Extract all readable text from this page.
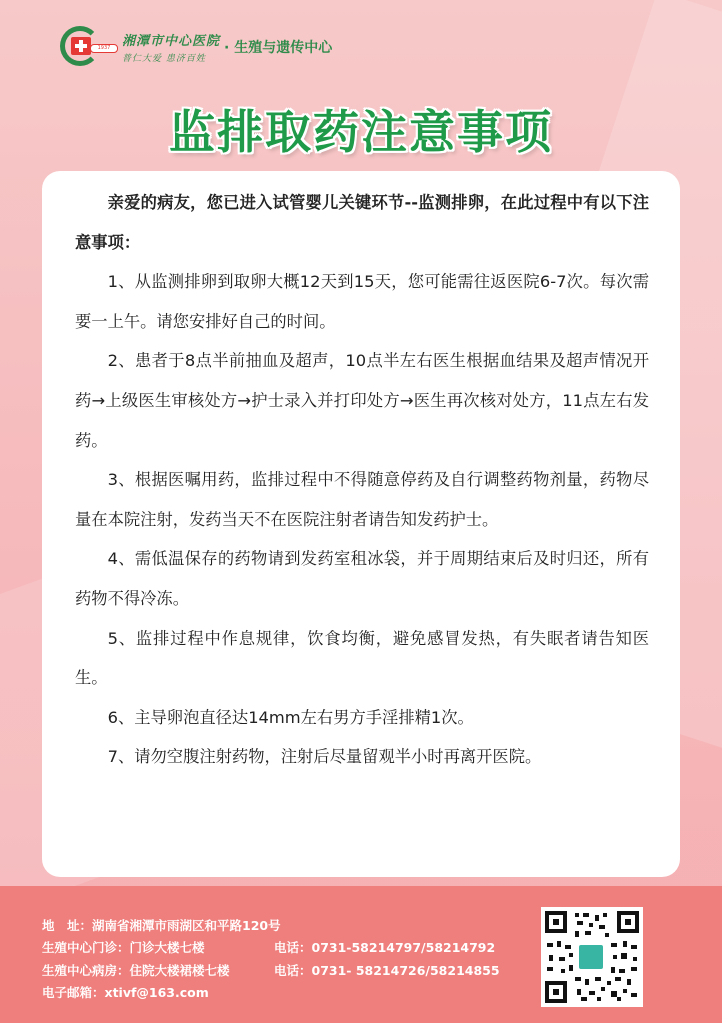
1937 湘潭市中心医院
普仁大爱 患济百姓
· 生殖与遗传中心
监排取药注意事项

亲爱的病友，您已进入试管婴儿关键环节--监测排卵，在此过程中有以下注意事项：

1、从监测排卵到取卵大概12天到15天，您可能需往返医院6-7次。每次需要一上午。请您安排好自己的时间。

2、患者于8点半前抽血及超声，10点半左右医生根据血结果及超声情况开药→上级医生审核处方→护士录入并打印处方→医生再次核对处方，11点左右发药。

3、根据医嘱用药，监排过程中不得随意停药及自行调整药物剂量，药物尽量在本院注射，发药当天不在医院注射者请告知发药护士。

4、需低温保存的药物请到发药室租冰袋，并于周期结束后及时归还，所有药物不得冷冻。

5、监排过程中作息规律，饮食均衡，避免感冒发热，有失眠者请告知医生。

6、主导卵泡直径达14mm左右男方手淫排精1次。

7、请勿空腹注射药物，注射后尽量留观半小时再离开医院。

地　址：湖南省湘潭市雨湖区和平路120号
生殖中心门诊：门诊大楼七楼	电话：0731-58214797/58214792
生殖中心病房：住院大楼裙楼七楼	电话：0731- 58214726/58214855
电子邮箱：xtivf@163.com
